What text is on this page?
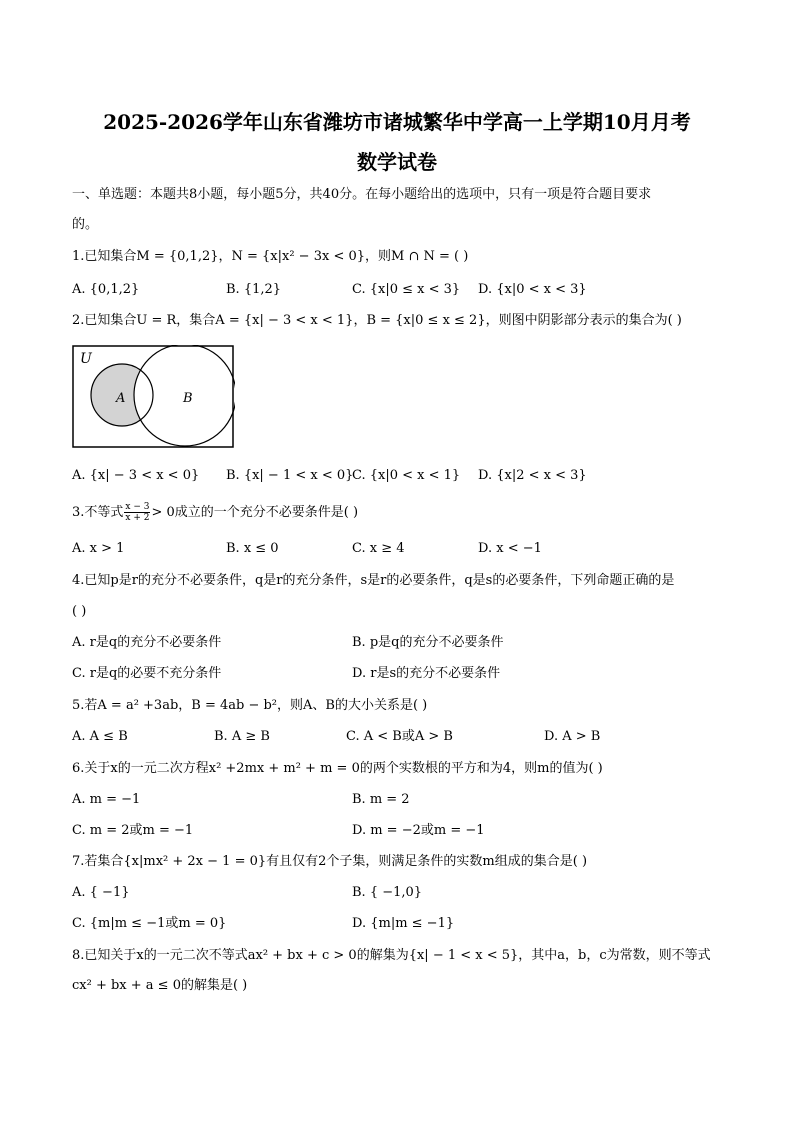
2025-2026学年山东省潍坊市诸城繁华中学高一上学期10月月考
数学试卷
一、单选题：本题共8小题，每小题5分，共40分。在每小题给出的选项中，只有一项是符合题目要求
的。
1.已知集合M = {0,1,2}，N = {x|x² − 3x < 0}，则M ∩ N = ( )
A. {0,1,2}	B. {1,2}	C. {x|0 ≤ x < 3} D. {x|0 < x < 3}
2.已知集合U = R，集合A = {x| − 3 < x < 1}，B = {x|0 ≤ x ≤ 2}，则图中阴影部分表示的集合为( )
U
A	B
A. {x| − 3 < x < 0} B. {x| − 1 < x < 0}
C. {x|0 < x < 1} D. {x|2 < x < 3}
3.不等式 $\frac{x - 3}{x + 2} > 0$成立的一个充分不必要条件是( )
A. x > 1	B. x ≤ 0	C. x ≥ 4	D. x < −1
4.已知p是r的充分不必要条件，q是r的充分条件，s是r的必要条件，q是s的必要条件，下列命题正确的是
( )
A. r是q的充分不必要条件	B. p是q的充分不必要条件
C. r是q的必要不充分条件	D. r是s的充分不必要条件
5.若A = a² +3ab，B = 4ab − b²，则A、B的大小关系是( )
A. A ≤ B	B. A ≥ B	C. A < B或A > B	D. A > B
6.关于x的一元二次方程x² +2mx + m² + m = 0的两个实数根的平方和为4，则m的值为( )
A. m = −1	B. m = 2
C. m = 2或m = −1	D. m = −2或m = −1
7.若集合{x|mx² + 2x − 1 = 0}有且仅有2个子集，则满足条件的实数m组成的集合是( )
A. { −1}	B. { −1,0}
C. {m|m ≤ −1或m = 0}	D. {m|m ≤ −1}
8.已知关于x的一元二次不等式ax² + bx + c > 0的解集为{x| − 1 < x < 5}，其中a，b，c为常数，则不等式
cx² + bx + a ≤ 0的解集是( )
